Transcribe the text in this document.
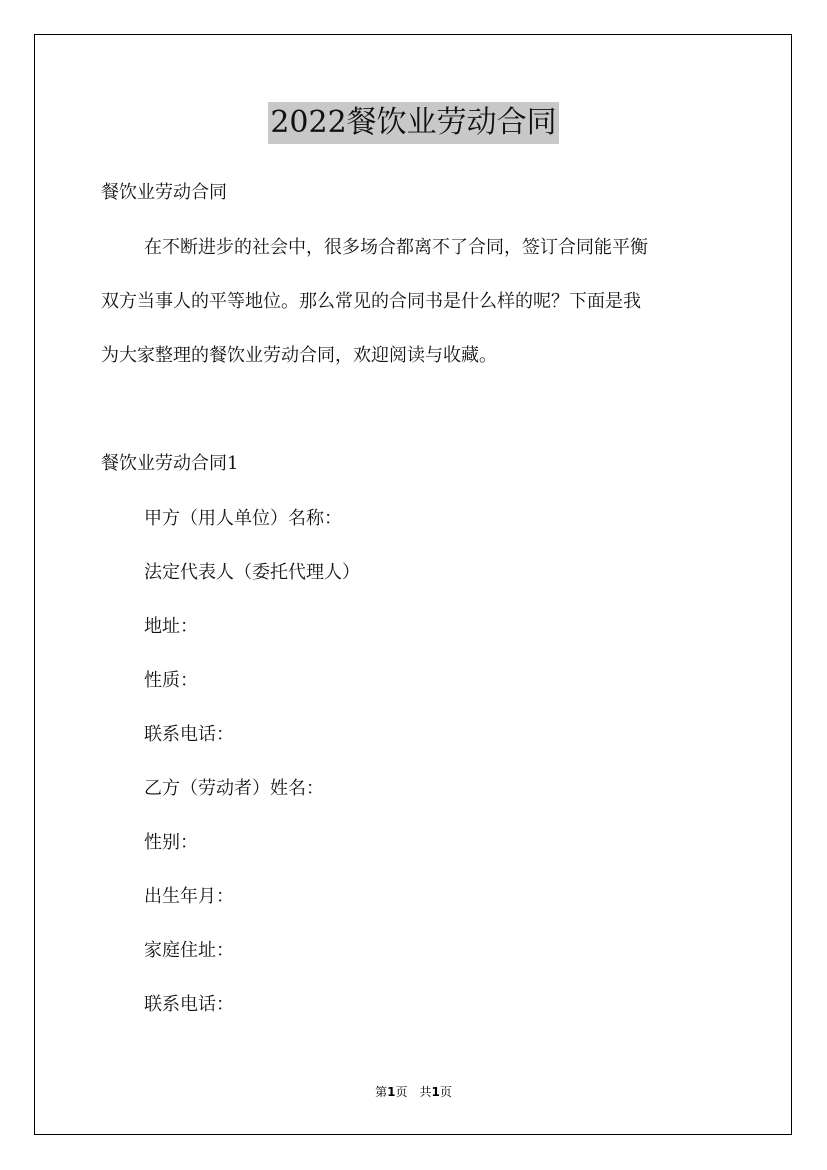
2022餐饮业劳动合同
餐饮业劳动合同
在不断进步的社会中，很多场合都离不了合同，签订合同能平衡
双方当事人的平等地位。那么常见的合同书是什么样的呢？下面是我
为大家整理的餐饮业劳动合同，欢迎阅读与收藏。
餐饮业劳动合同1
甲方（用人单位）名称：
法定代表人（委托代理人）
地址：
性质：
联系电话：
乙方（劳动者）姓名：
性别：
出生年月：
家庭住址：
联系电话：
第1页　共1页
